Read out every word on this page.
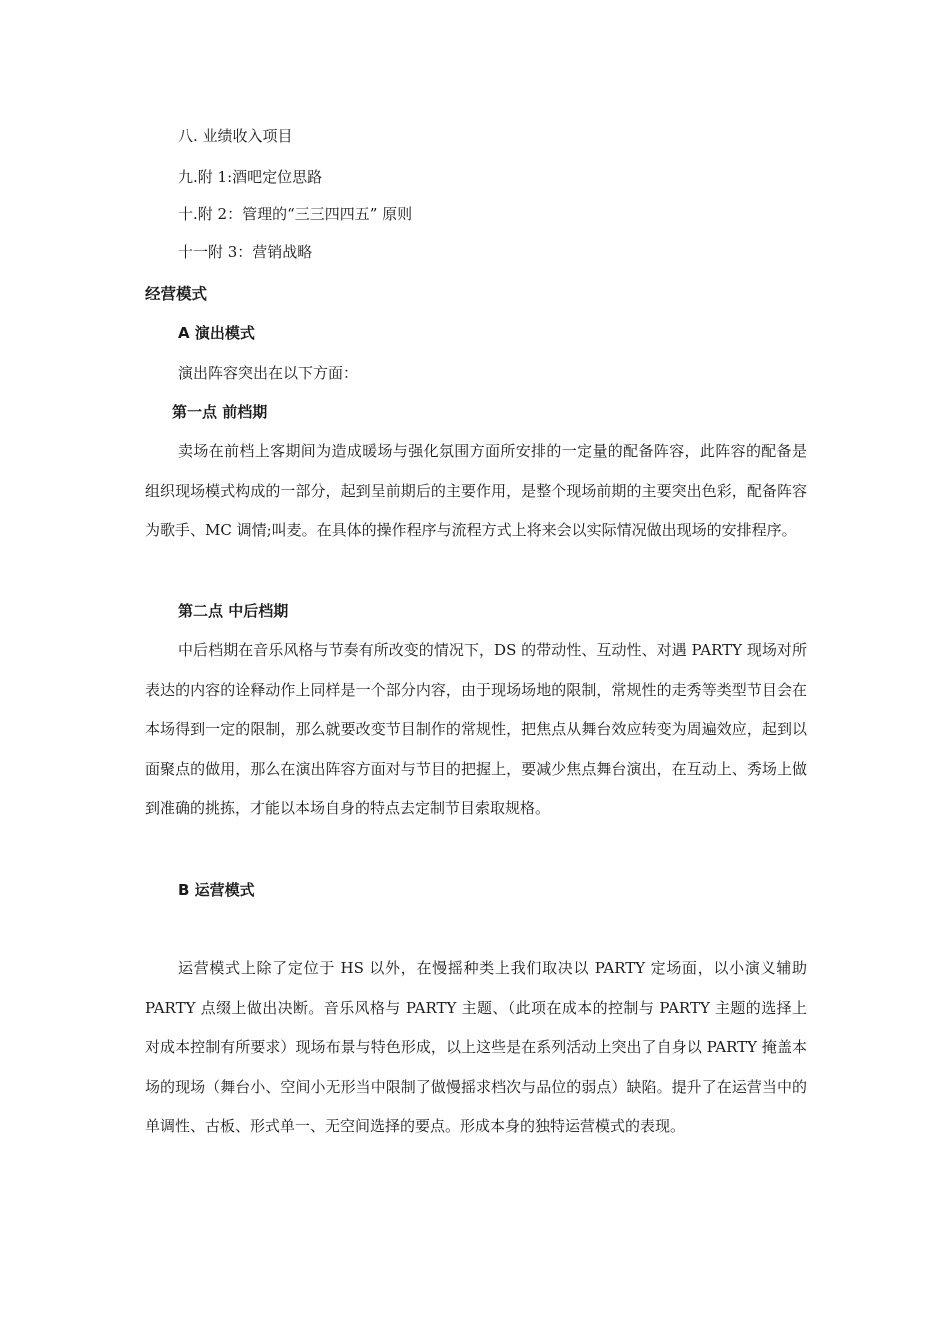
八. 业绩收入项目
九.附 1:酒吧定位思路
十.附 2：管理的“三三四四五” 原则
十一附 3：营销战略
经营模式
A 演出模式
演出阵容突出在以下方面：
第一点 前档期
卖场在前档上客期间为造成暖场与强化氛围方面所安排的一定量的配备阵容，此阵容的配备是组织现场模式构成的一部分，起到呈前期后的主要作用，是整个现场前期的主要突出色彩，配备阵容为歌手、MC 调情;叫麦。在具体的操作程序与流程方式上将来会以实际情况做出现场的安排程序。
第二点 中后档期
中后档期在音乐风格与节奏有所改变的情况下，DS 的带动性、互动性、对遇 PARTY 现场对所表达的内容的诠释动作上同样是一个部分内容，由于现场场地的限制，常规性的走秀等类型节目会在本场得到一定的限制，那么就要改变节目制作的常规性，把焦点从舞台效应转变为周遍效应，起到以面聚点的做用，那么在演出阵容方面对与节目的把握上，要减少焦点舞台演出，在互动上、秀场上做到准确的挑拣，才能以本场自身的特点去定制节目索取规格。
B 运营模式
运营模式上除了定位于 HS 以外，在慢摇种类上我们取决以 PARTY 定场面，以小演义辅助 PARTY 点缀上做出决断。音乐风格与 PARTY 主题、（此项在成本的控制与 PARTY 主题的选择上对成本控制有所要求）现场布景与特色形成，以上这些是在系列活动上突出了自身以 PARTY 掩盖本场的现场（舞台小、空间小无形当中限制了做慢摇求档次与品位的弱点）缺陷。提升了在运营当中的单调性、古板、形式单一、无空间选择的要点。形成本身的独特运营模式的表现。
